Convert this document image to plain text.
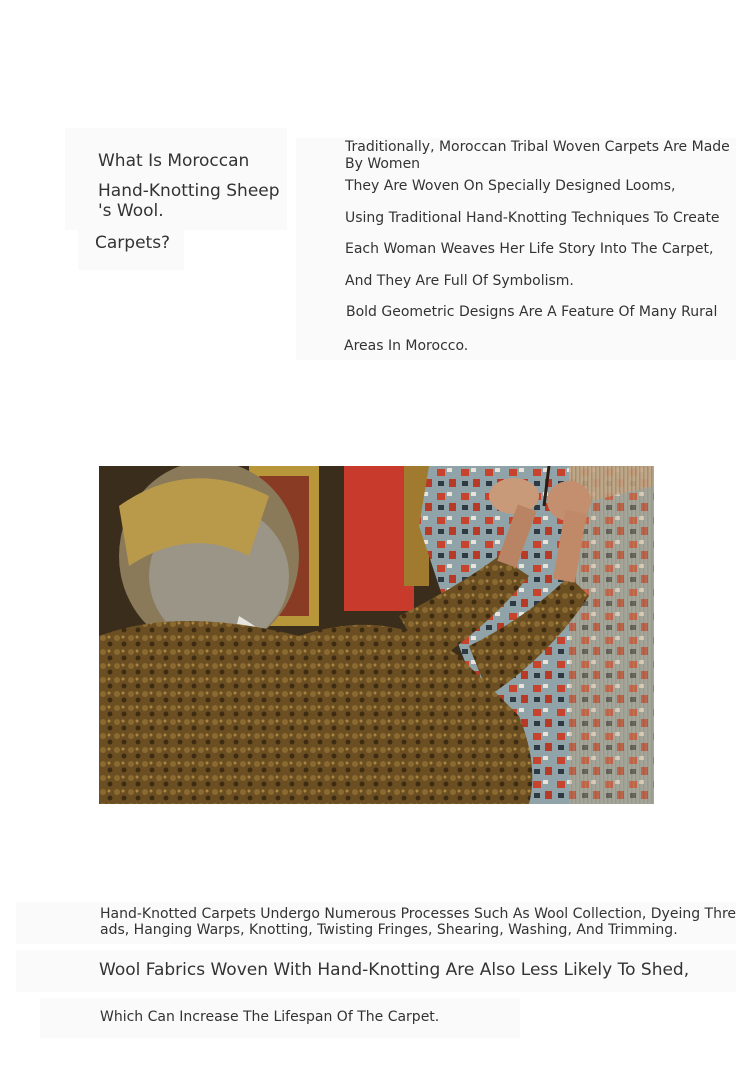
What Is Moroccan
Hand-Knotting Sheep 's Wool.
Carpets?
Traditionally, Moroccan Tribal Woven Carpets Are Made By Women
They Are Woven On Specially Designed Looms,
Using Traditional Hand-Knotting Techniques To Create
Each Woman Weaves Her Life Story Into The Carpet,
And They Are Full Of Symbolism.
Bold Geometric Designs Are A Feature Of Many Rural
Areas In Morocco.
Hand-Knotted Carpets Undergo Numerous Processes Such As Wool Collection, Dyeing Threads, Hanging Warps, Knotting, Twisting Fringes, Shearing, Washing, And Trimming.
Wool Fabrics Woven With Hand-Knotting Are Also Less Likely To Shed,
Which Can Increase The Lifespan Of The Carpet.
